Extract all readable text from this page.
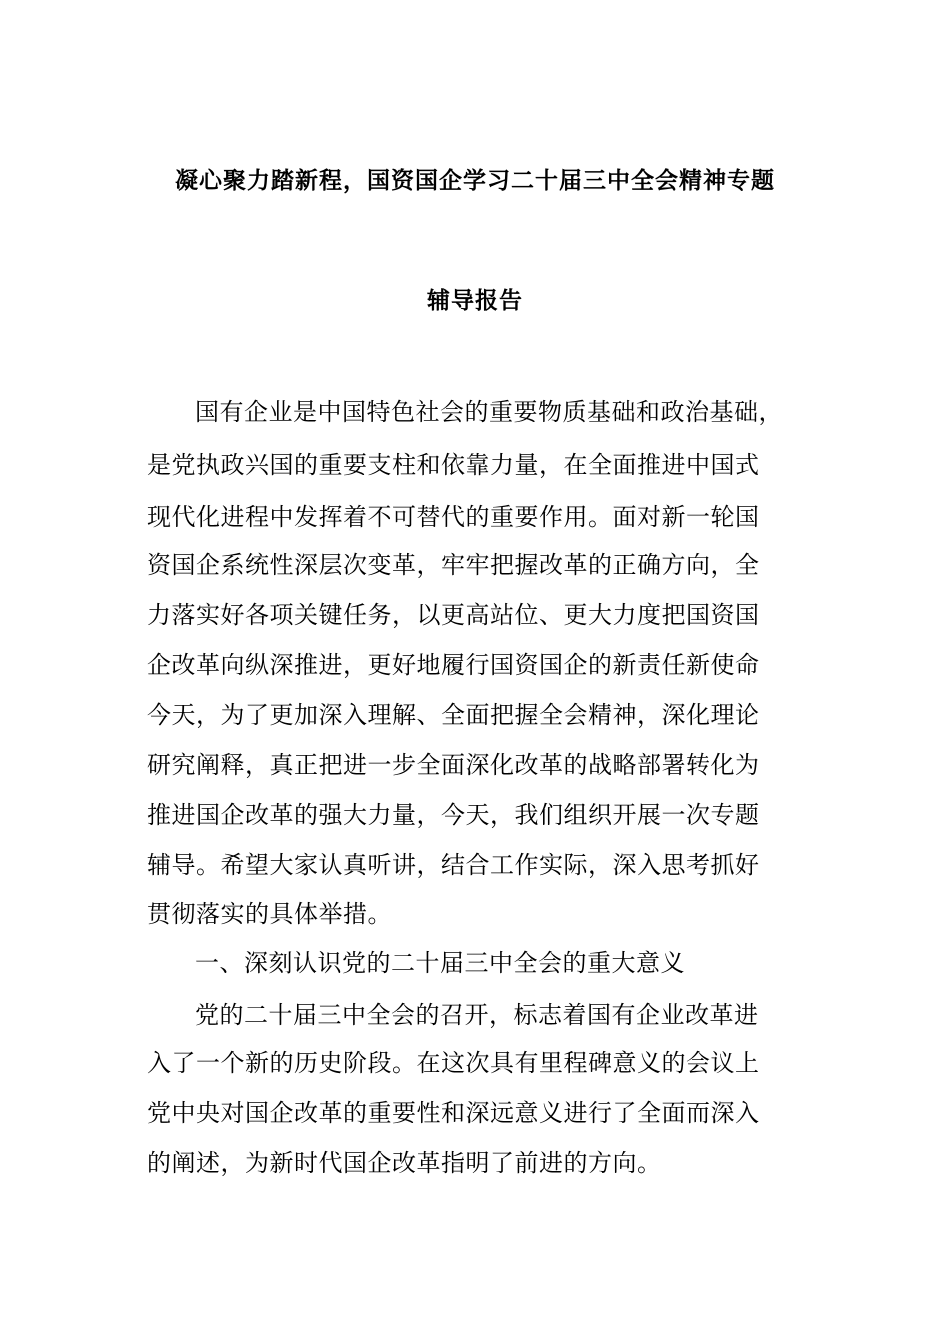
凝心聚力踏新程，国资国企学习二十届三中全会精神专题
辅导报告
国有企业是中国特色社会的重要物质基础和政治基础，
是党执政兴国的重要支柱和依靠力量，在全面推进中国式
现代化进程中发挥着不可替代的重要作用。面对新一轮国
资国企系统性深层次变革，牢牢把握改革的正确方向，全
力落实好各项关键任务，以更高站位、更大力度把国资国
企改革向纵深推进，更好地履行国资国企的新责任新使命
今天，为了更加深入理解、全面把握全会精神，深化理论
研究阐释，真正把进一步全面深化改革的战略部署转化为
推进国企改革的强大力量，今天，我们组织开展一次专题
辅导。希望大家认真听讲，结合工作实际，深入思考抓好
贯彻落实的具体举措。
一、深刻认识党的二十届三中全会的重大意义
党的二十届三中全会的召开，标志着国有企业改革进
入了一个新的历史阶段。在这次具有里程碑意义的会议上
党中央对国企改革的重要性和深远意义进行了全面而深入
的阐述，为新时代国企改革指明了前进的方向。
